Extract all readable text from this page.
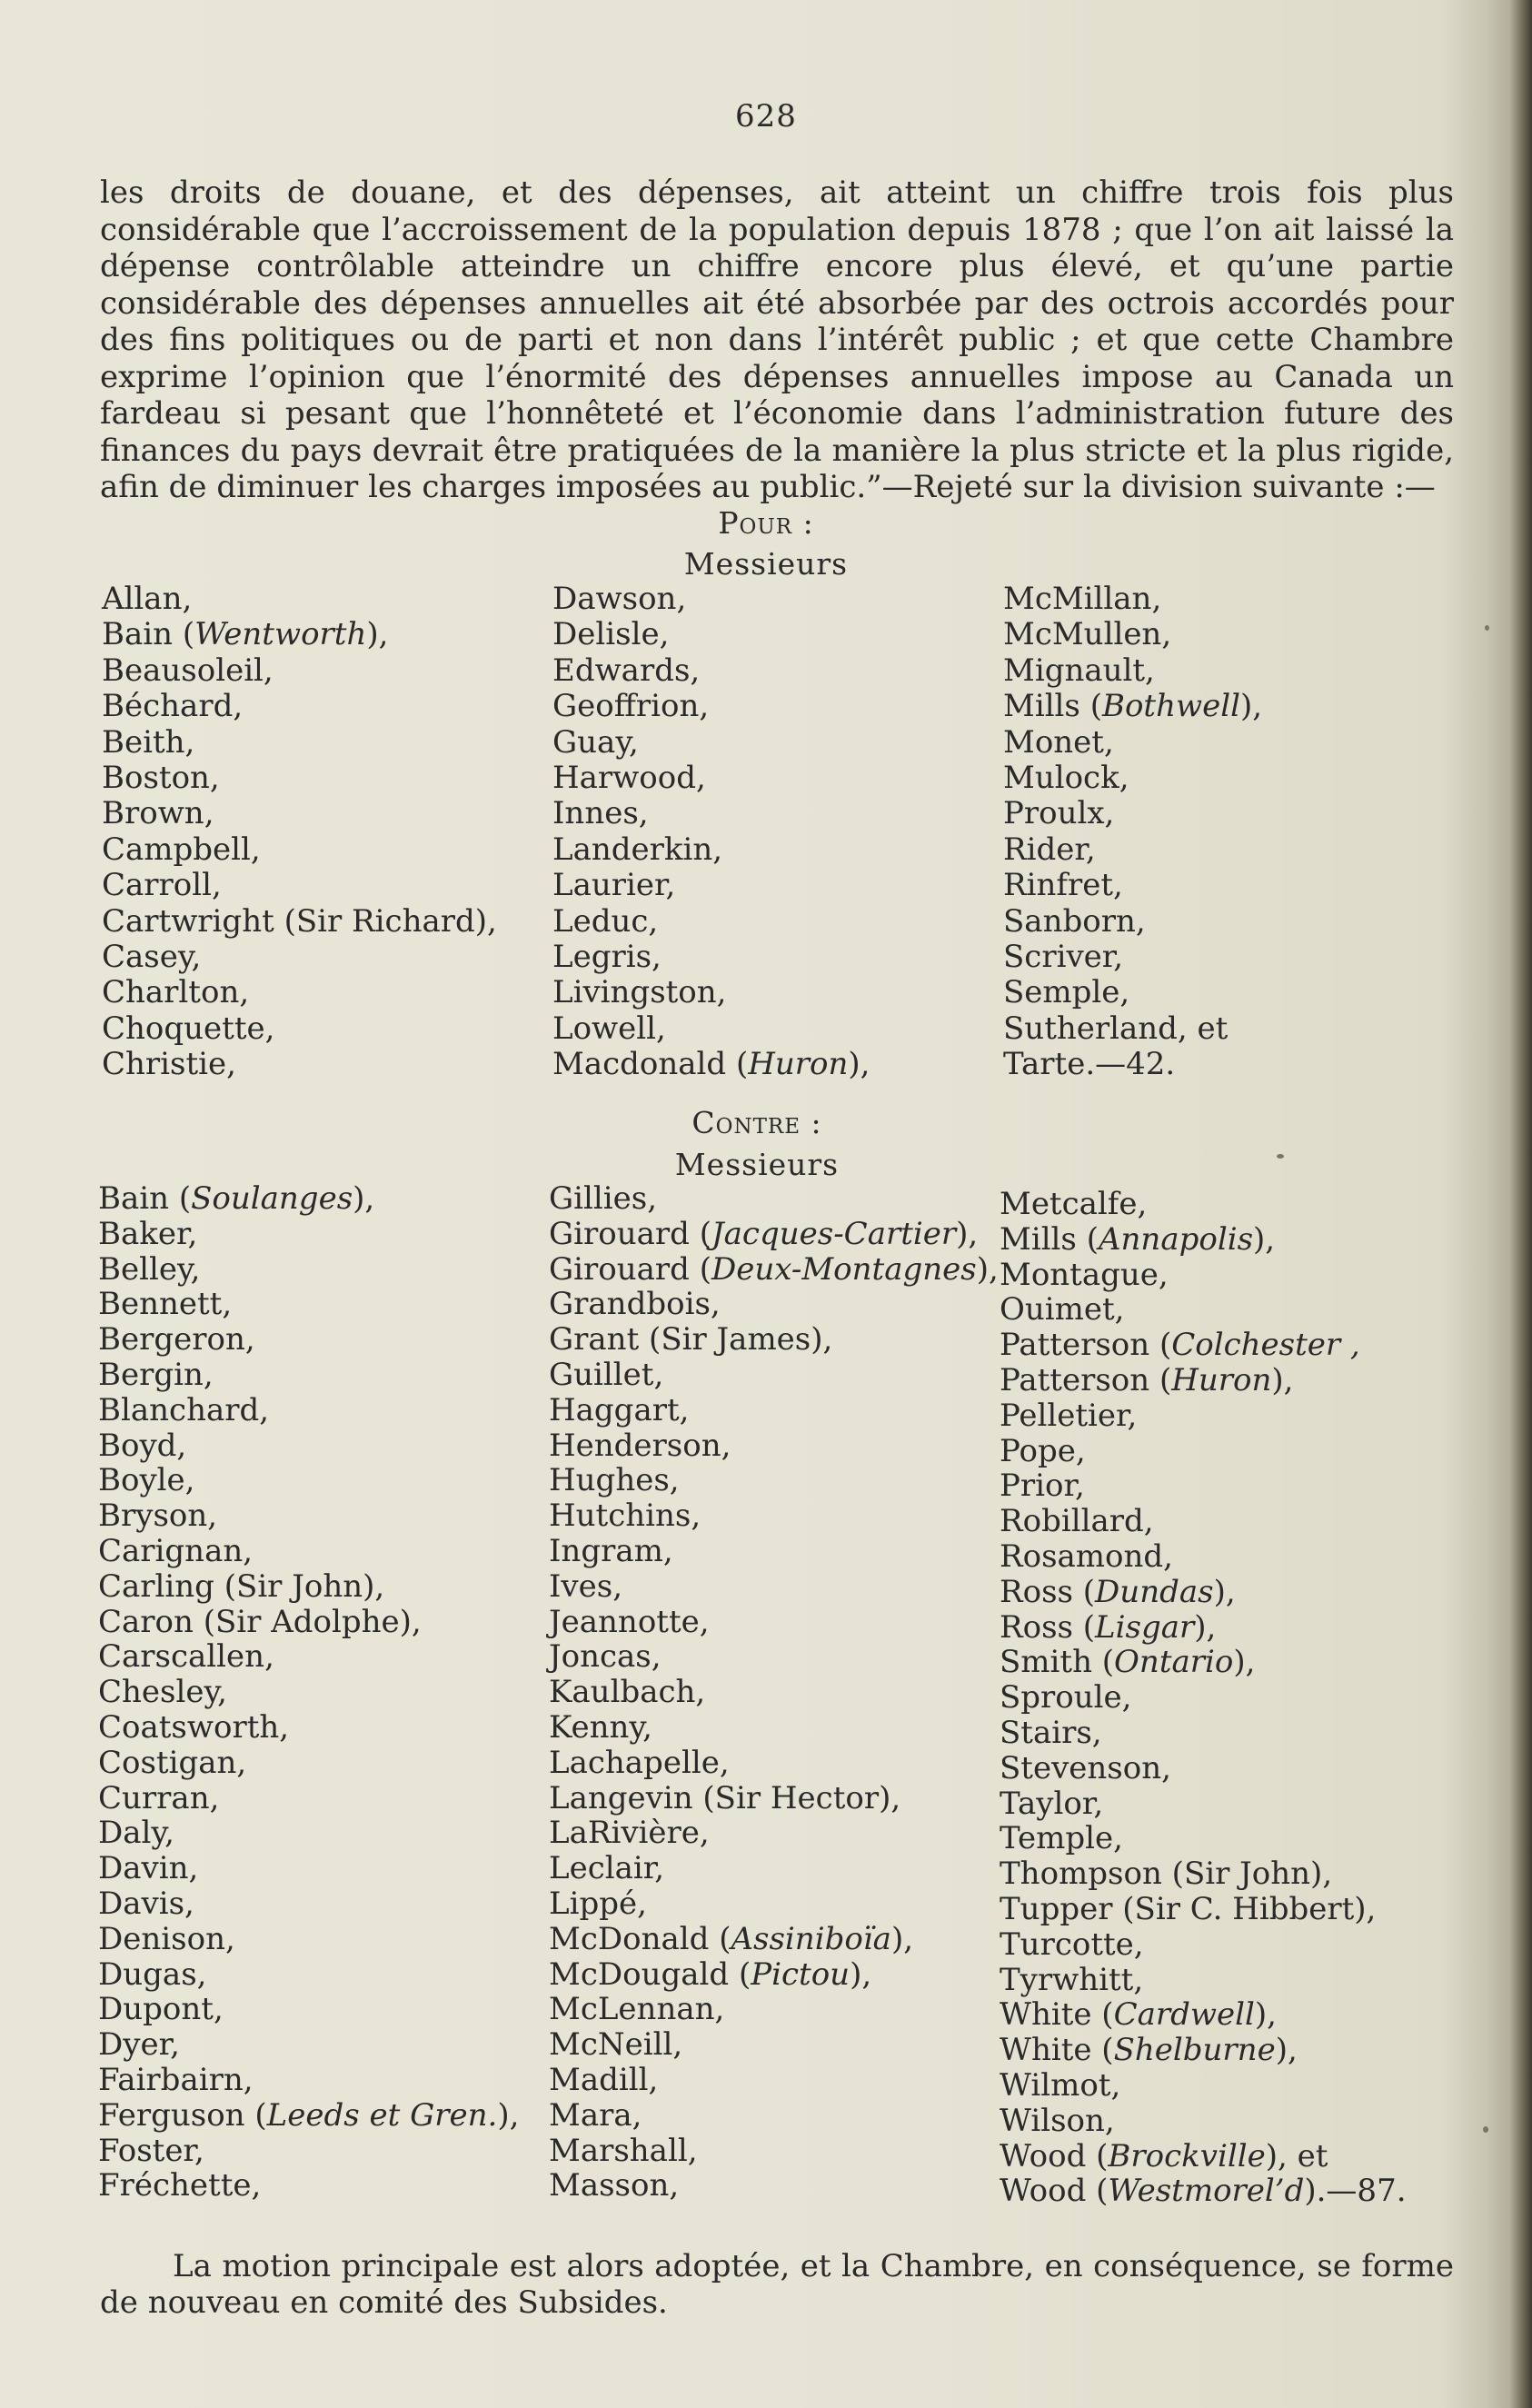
628

les droits de douane, et des dépenses, ait atteint un chiffre trois fois plus considérable que l’accroissement de la population depuis 1878 ; que l’on ait laissé la dépense contrôlable atteindre un chiffre encore plus élevé, et qu’une partie considérable des dépenses annuelles ait été absorbée par des octrois accordés pour des fins politiques ou de parti et non dans l’intérêt public ; et que cette Chambre exprime l’opinion que l’énormité des dépenses annuelles impose au Canada un fardeau si pesant que l’honnêteté et l’économie dans l’administration future des finances du pays devrait être pratiquées de la manière la plus stricte et la plus rigide, afin de diminuer les charges imposées au public.”—Rejeté sur la division suivante :—

Pour :
Messieurs
Allan,
Bain (Wentworth),
Beausoleil,
Béchard,
Beith,
Boston,
Brown,
Campbell,
Carroll,
Cartwright (Sir Richard),
Casey,
Charlton,
Choquette,
Christie,
Dawson,
Delisle,
Edwards,
Geoffrion,
Guay,
Harwood,
Innes,
Landerkin,
Laurier,
Leduc,
Legris,
Livingston,
Lowell,
Macdonald (Huron),
McMillan,
McMullen,
Mignault,
Mills (Bothwell),
Monet,
Mulock,
Proulx,
Rider,
Rinfret,
Sanborn,
Scriver,
Semple,
Sutherland, et
Tarte.—42.
Contre :
Messieurs
Bain (Soulanges),
Baker,
Belley,
Bennett,
Bergeron,
Bergin,
Blanchard,
Boyd,
Boyle,
Bryson,
Carignan,
Carling (Sir John),
Caron (Sir Adolphe),
Carscallen,
Chesley,
Coatsworth,
Costigan,
Curran,
Daly,
Davin,
Davis,
Denison,
Dugas,
Dupont,
Dyer,
Fairbairn,
Ferguson (Leeds et Gren.),
Foster,
Fréchette,
Gillies,
Girouard (Jacques-Cartier),
Girouard (Deux-Montagnes),
Grandbois,
Grant (Sir James),
Guillet,
Haggart,
Henderson,
Hughes,
Hutchins,
Ingram,
Ives,
Jeannotte,
Joncas,
Kaulbach,
Kenny,
Lachapelle,
Langevin (Sir Hector),
LaRivière,
Leclair,
Lippé,
McDonald (Assiniboïa),
McDougald (Pictou),
McLennan,
McNeill,
Madill,
Mara,
Marshall,
Masson,
Metcalfe,
Mills (Annapolis),
Montague,
Ouimet,
Patterson (Colchester ,
Patterson (Huron),
Pelletier,
Pope,
Prior,
Robillard,
Rosamond,
Ross (Dundas),
Ross (Lisgar),
Smith (Ontario),
Sproule,
Stairs,
Stevenson,
Taylor,
Temple,
Thompson (Sir John),
Tupper (Sir C. Hibbert),
Turcotte,
Tyrwhitt,
White (Cardwell),
White (Shelburne),
Wilmot,
Wilson,
Wood (Brockville), et
Wood (Westmorel’d).—87.

La motion principale est alors adoptée, et la Chambre, en conséquence, se forme de nouveau en comité des Subsides.
